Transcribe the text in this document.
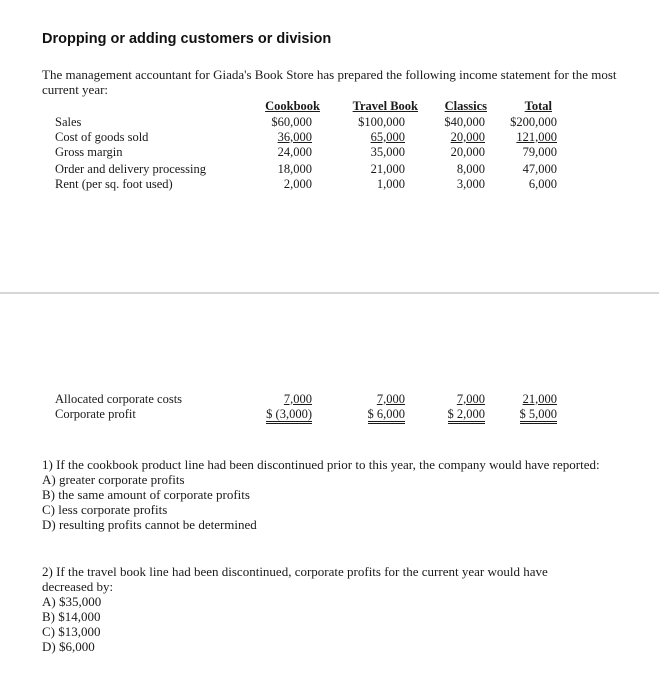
Dropping or adding customers or division
The management accountant for Giada's Book Store has prepared the following income statement for the most current year:
Cookbook	Travel Book	Classics	Total
Sales	$60,000	$100,000	$40,000	$200,000
Cost of goods sold	36,000	65,000	20,000	121,000
Gross margin	24,000	35,000	20,000	79,000
Order and delivery processing	18,000	21,000	8,000	47,000
Rent (per sq. foot used)	2,000	1,000	3,000	6,000
Allocated corporate costs	7,000	7,000	7,000	21,000
Corporate profit	$ (3,000)	$ 6,000	$ 2,000	$ 5,000
1) If the cookbook product line had been discontinued prior to this year, the company would have reported:
A) greater corporate profits
B) the same amount of corporate profits
C) less corporate profits
D) resulting profits cannot be determined
2) If the travel book line had been discontinued, corporate profits for the current year would have decreased by:
A) $35,000
B) $14,000
C) $13,000
D) $6,000
